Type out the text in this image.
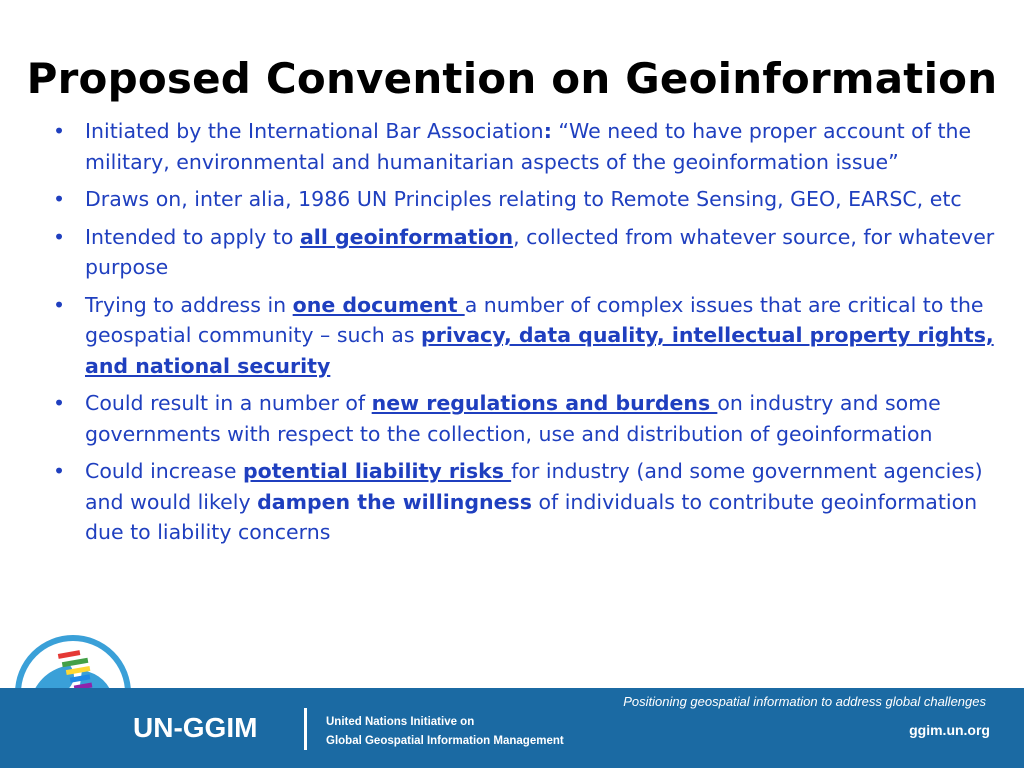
Proposed Convention on Geoinformation
• Initiated by the International Bar Association: “We need to have proper account of the military, environmental and humanitarian aspects of the geoinformation issue”
• Draws on, inter alia, 1986 UN Principles relating to Remote Sensing, GEO, EARSC, etc
• Intended to apply to all geoinformation, collected from whatever source, for whatever purpose
• Trying to address in one document a number of complex issues that are critical to the geospatial community – such as privacy, data quality, intellectual property rights, and national security
• Could result in a number of new regulations and burdens on industry and some governments with respect to the collection, use and distribution of geoinformation
• Could increase potential liability risks for industry (and some government agencies) and would likely dampen the willingness of individuals to contribute geoinformation due to liability concerns
Positioning geospatial information to address global challenges
UN-GGIM	United Nations Initiative on
Global Geospatial Information Management
ggim.un.org
